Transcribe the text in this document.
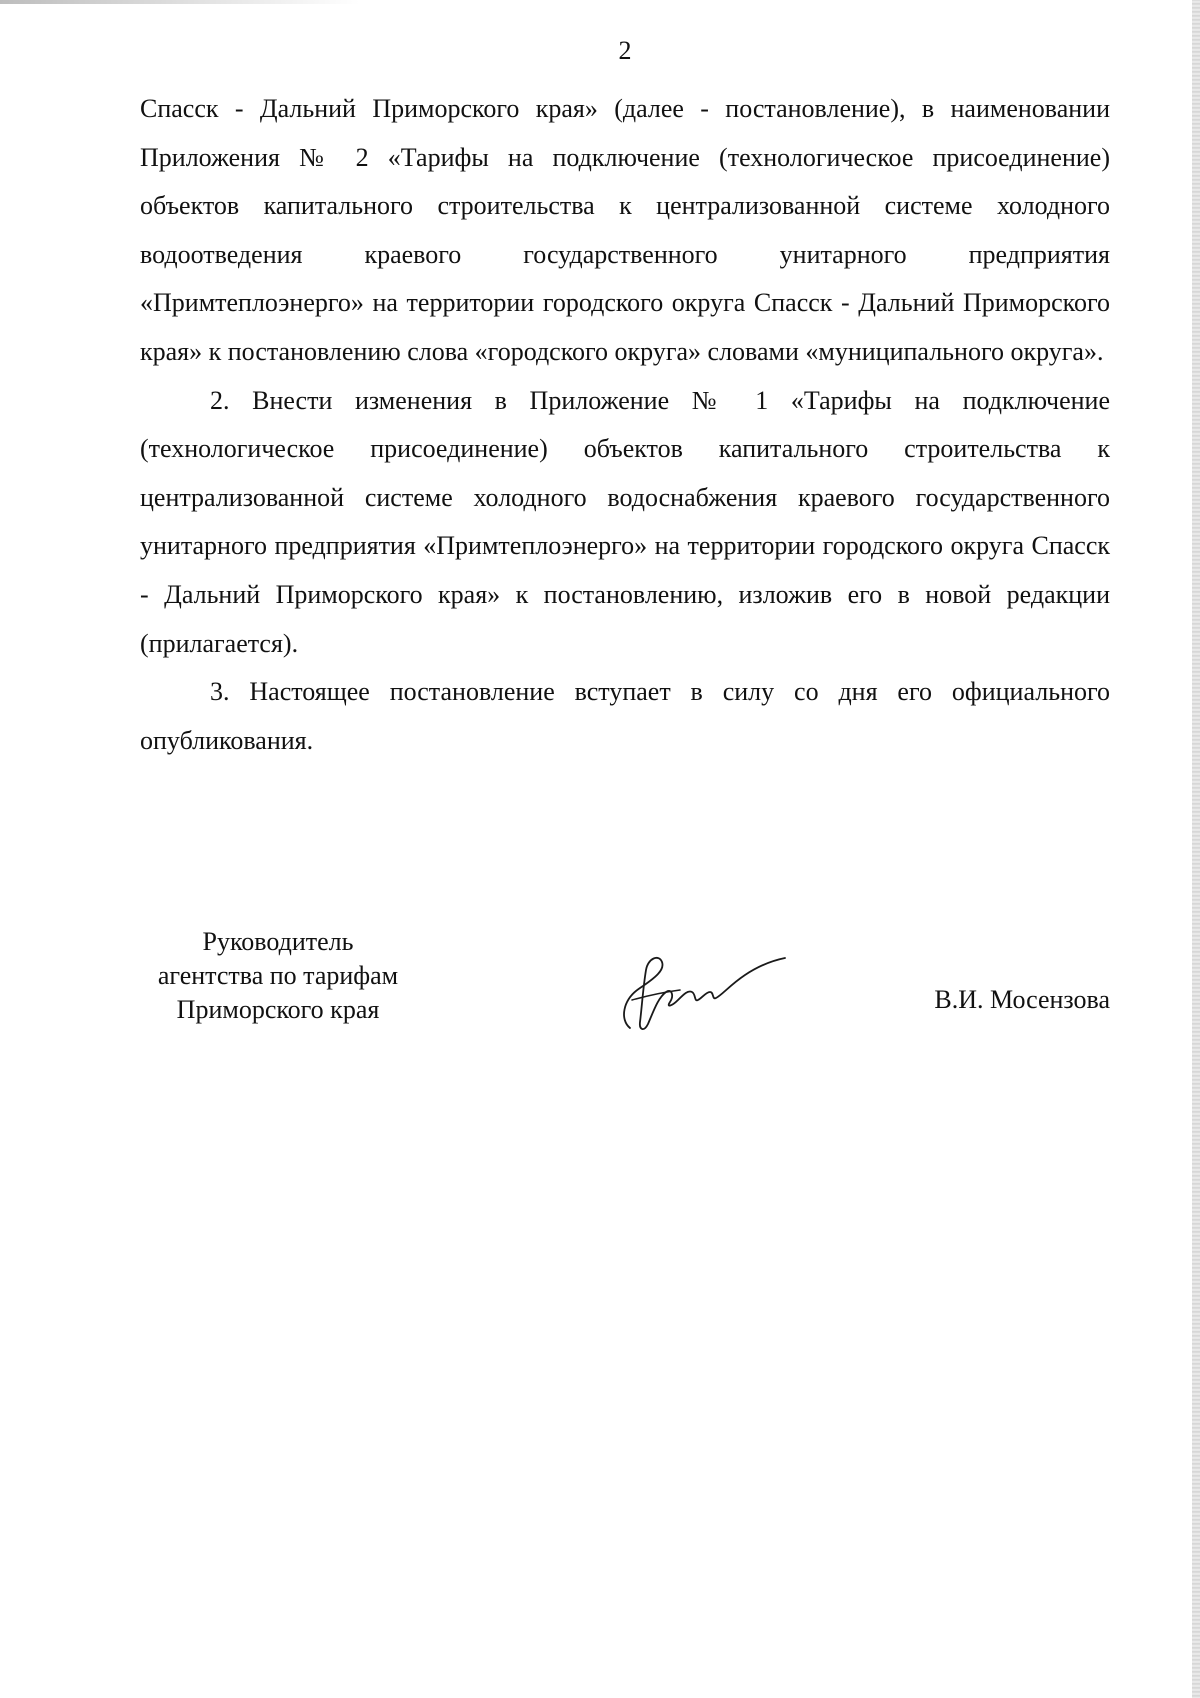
2

Спасск - Дальний Приморского края» (далее - постановление), в наименовании Приложения № 2 «Тарифы на подключение (технологическое присоединение) объектов капитального строительства к централизованной системе холодного водоотведения краевого государственного унитарного предприятия «Примтеплоэнерго» на территории городского округа Спасск - Дальний Приморского края» к постановлению слова «городского округа» словами «муниципального округа».

2. Внести изменения в Приложение № 1 «Тарифы на подключение (технологическое присоединение) объектов капитального строительства к централизованной системе холодного водоснабжения краевого государственного унитарного предприятия «Примтеплоэнерго» на территории городского округа Спасск - Дальний Приморского края» к постановлению, изложив его в новой редакции (прилагается).

3. Настоящее постановление вступает в силу со дня его официального опубликования.

Руководитель
агентства по тарифам
Приморского края	В.И. Мосензова
